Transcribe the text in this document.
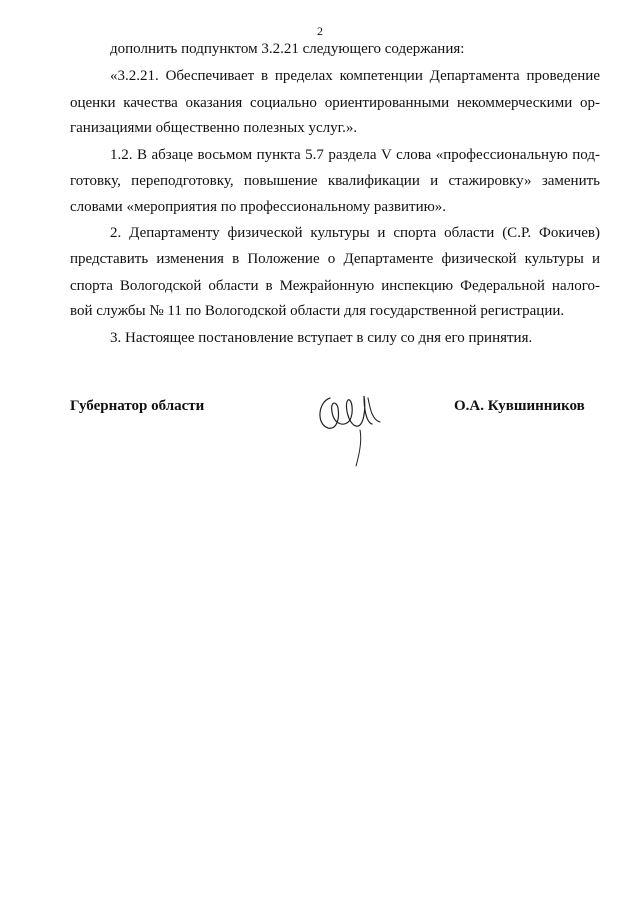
2
дополнить подпунктом 3.2.21 следующего содержания:
«3.2.21. Обеспечивает в пределах компетенции Департамента проведение
оценки качества оказания социально ориентированными некоммерческими ор-
ганизациями общественно полезных услуг.».
1.2. В абзаце восьмом пункта 5.7 раздела V слова «профессиональную под-
готовку, переподготовку, повышение квалификации и стажировку» заменить
словами «мероприятия по профессиональному развитию».
2. Департаменту физической культуры и спорта области (С.Р. Фокичев)
представить изменения в Положение о Департаменте физической культуры и
спорта Вологодской области в Межрайонную инспекцию Федеральной налого-
вой службы № 11 по Вологодской области для государственной регистрации.
3. Настоящее постановление вступает в силу со дня его принятия.
Губернатор области	О.А. Кувшинников
